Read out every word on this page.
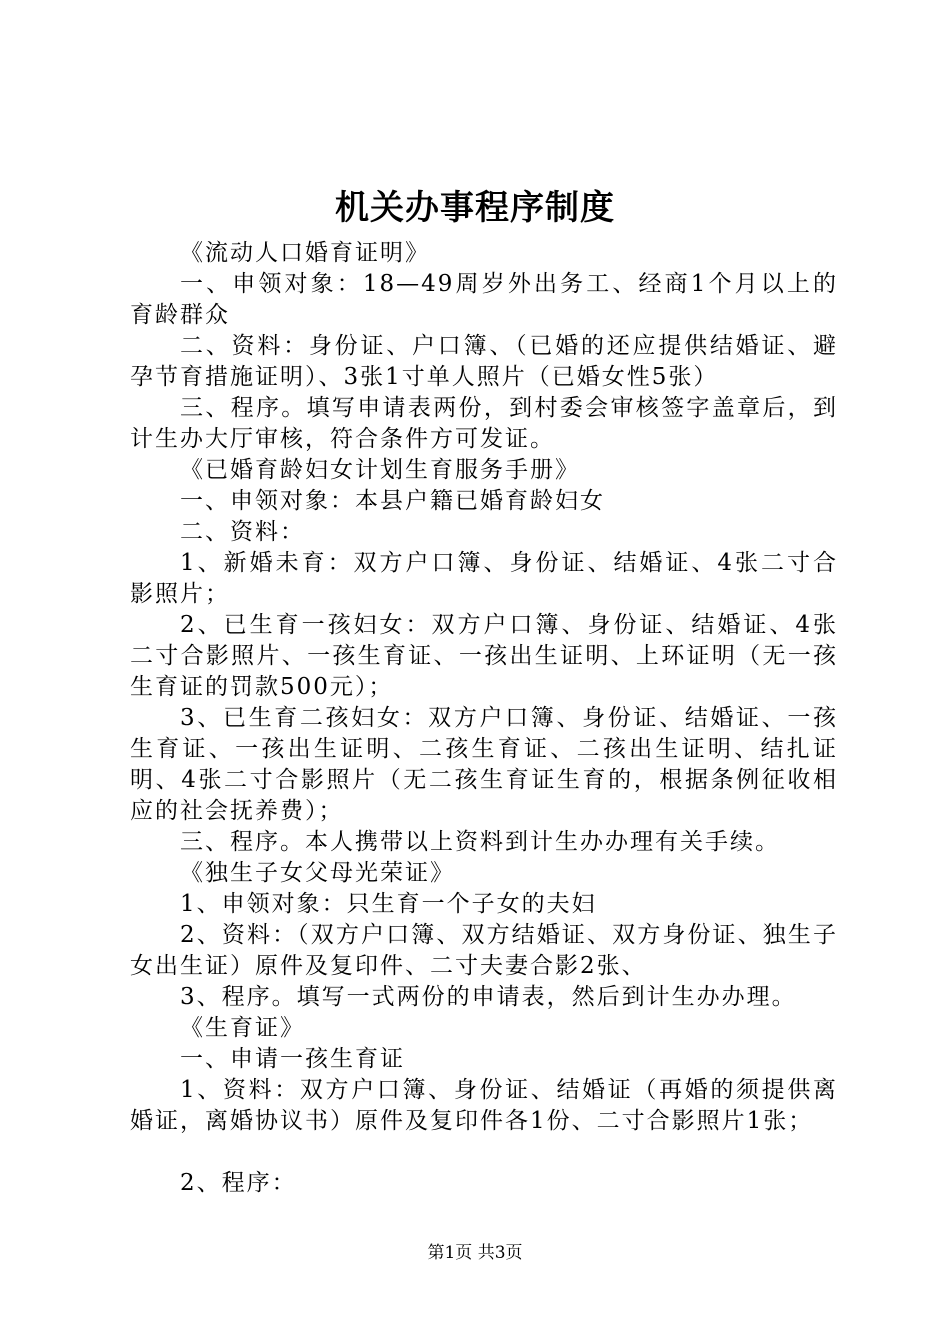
机关办事程序制度

《流动人口婚育证明》

一、申领对象：18—49周岁外出务工、经商1个月以上的育龄群众

二、资料：身份证、户口簿、（已婚的还应提供结婚证、避孕节育措施证明）、3张1寸单人照片（已婚女性5张）

三、程序。填写申请表两份，到村委会审核签字盖章后，到计生办大厅审核，符合条件方可发证。

《已婚育龄妇女计划生育服务手册》

一、申领对象：本县户籍已婚育龄妇女

二、资料：

1、新婚未育：双方户口簿、身份证、结婚证、4张二寸合影照片；

2、已生育一孩妇女：双方户口簿、身份证、结婚证、4张二寸合影照片、一孩生育证、一孩出生证明、上环证明（无一孩生育证的罚款500元）；

3、已生育二孩妇女：双方户口簿、身份证、结婚证、一孩生育证、一孩出生证明、二孩生育证、二孩出生证明、结扎证明、4张二寸合影照片（无二孩生育证生育的，根据条例征收相应的社会抚养费）；

三、程序。本人携带以上资料到计生办办理有关手续。

《独生子女父母光荣证》

1、申领对象：只生育一个子女的夫妇

2、资料：（双方户口簿、双方结婚证、双方身份证、独生子女出生证）原件及复印件、二寸夫妻合影2张、

3、程序。填写一式两份的申请表，然后到计生办办理。

《生育证》

一、申请一孩生育证

1、资料：双方户口簿、身份证、结婚证（再婚的须提供离婚证，离婚协议书）原件及复印件各1份、二寸合影照片1张；

2、程序：

第1页 共3页
